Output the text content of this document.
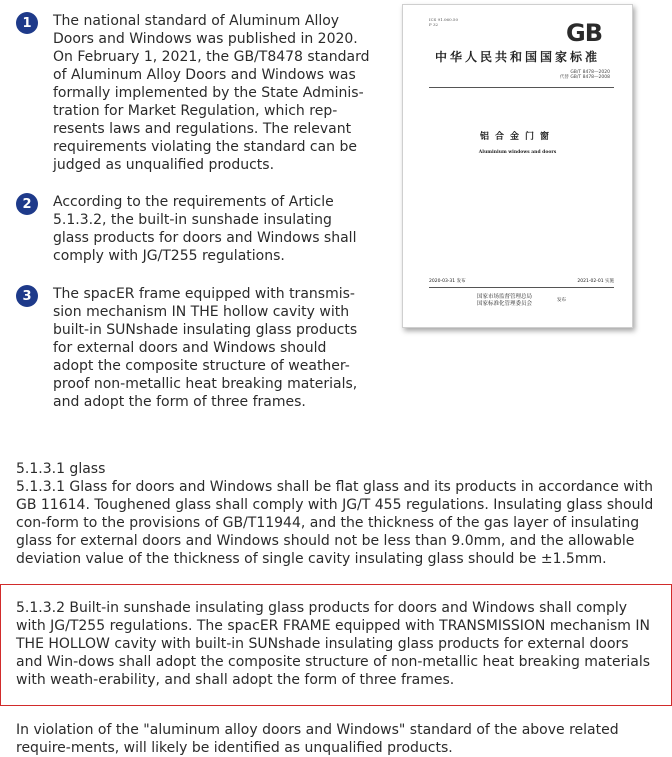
1	The national standard of Aluminum Alloy
Doors and Windows was published in 2020.
On February 1, 2021, the GB/T8478 standard
of Aluminum Alloy Doors and Windows was
formally implemented by the State Adminis-
tration for Market Regulation, which rep-
resents laws and regulations. The relevant
requirements violating the standard can be
judged as unqualified products.
2	According to the requirements of Article
5.1.3.2, the built-in sunshade insulating
glass products for doors and Windows shall
comply with JG/T255 regulations.
3	The spacER frame equipped with transmis-
sion mechanism IN THE hollow cavity with
built-in SUNshade insulating glass products
for external doors and Windows should
adopt the composite structure of weather-
proof non-metallic heat breaking materials,
and adopt the form of three frames.
ICS 91.060.50
P 32	GB
中华人民共和国国家标准
GB/T 8478—2020
代替 GB/T 8478—2008
铝合金门窗
Aluminium windows and doors
2020-03-31 发布	2021-02-01 实施
国家市场监督管理总局
国家标准化管理委员会
发布
5.1.3.1 glass
5.1.3.1 Glass for doors and Windows shall be flat glass and its products in accordance with GB 11614. Toughened glass shall comply with JG/T 455 regulations. Insulating glass should con-form to the provisions of GB/T11944, and the thickness of the gas layer of insulating glass for external doors and Windows should not be less than 9.0mm, and the allowable deviation value of the thickness of single cavity insulating glass should be ±1.5mm.
5.1.3.2 Built-in sunshade insulating glass products for doors and Windows shall comply with JG/T255 regulations. The spacER FRAME equipped with TRANSMISSION mechanism IN THE HOLLOW cavity with built-in SUNshade insulating glass products for external doors and Win-dows shall adopt the composite structure of non-metallic heat breaking materials with weath-erability, and shall adopt the form of three frames.
In violation of the "aluminum alloy doors and Windows" standard of the above related require-ments, will likely be identified as unqualified products.
